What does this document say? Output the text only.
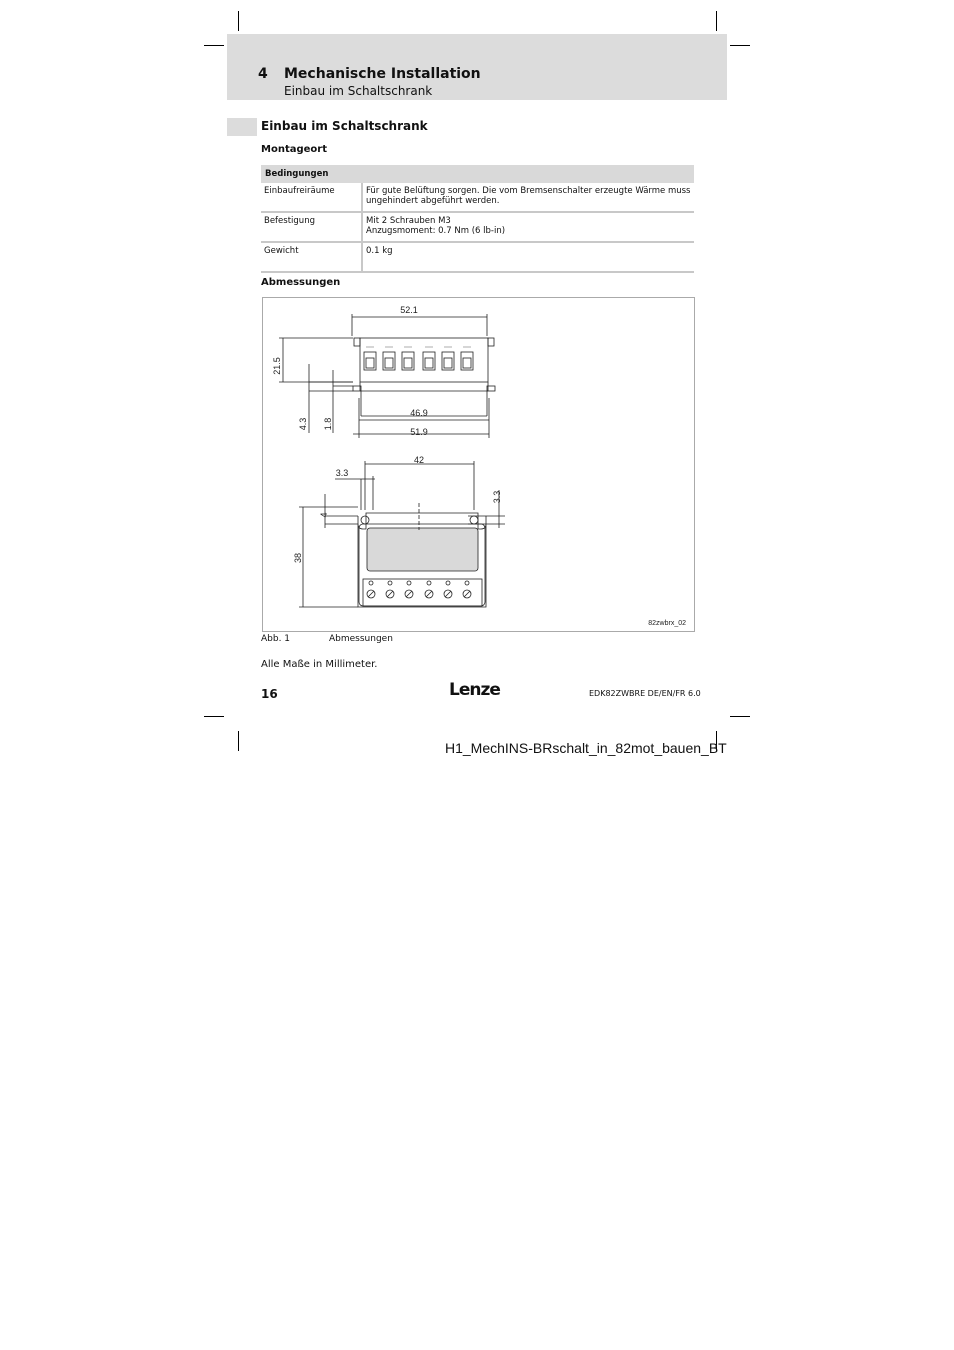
4 Mechanische Installation
Einbau im Schaltschrank
Einbau im Schaltschrank
Montageort
Bedingungen	
Einbaufreiräume	Für gute Belüftung sorgen. Die vom Bremsenschalter erzeugte Wärme muss ungehindert abgeführt werden.
Befestigung	Mit 2 Schrauben M3
Anzugsmoment: 0.7 Nm (6 lb-in)

Gewicht	0.1 kg
Abmessungen
52.1
21.5
4.3 1.8
46.9
51.9
42
3.3
3.3
4
38
82zwbrx_02
Abb. 1	Abmessungen
Alle Maße in Millimeter.
16	Lenze	EDK82ZWBRE DE/EN/FR 6.0
H1_MechINS-BRschalt_in_82mot_bauen_BT
